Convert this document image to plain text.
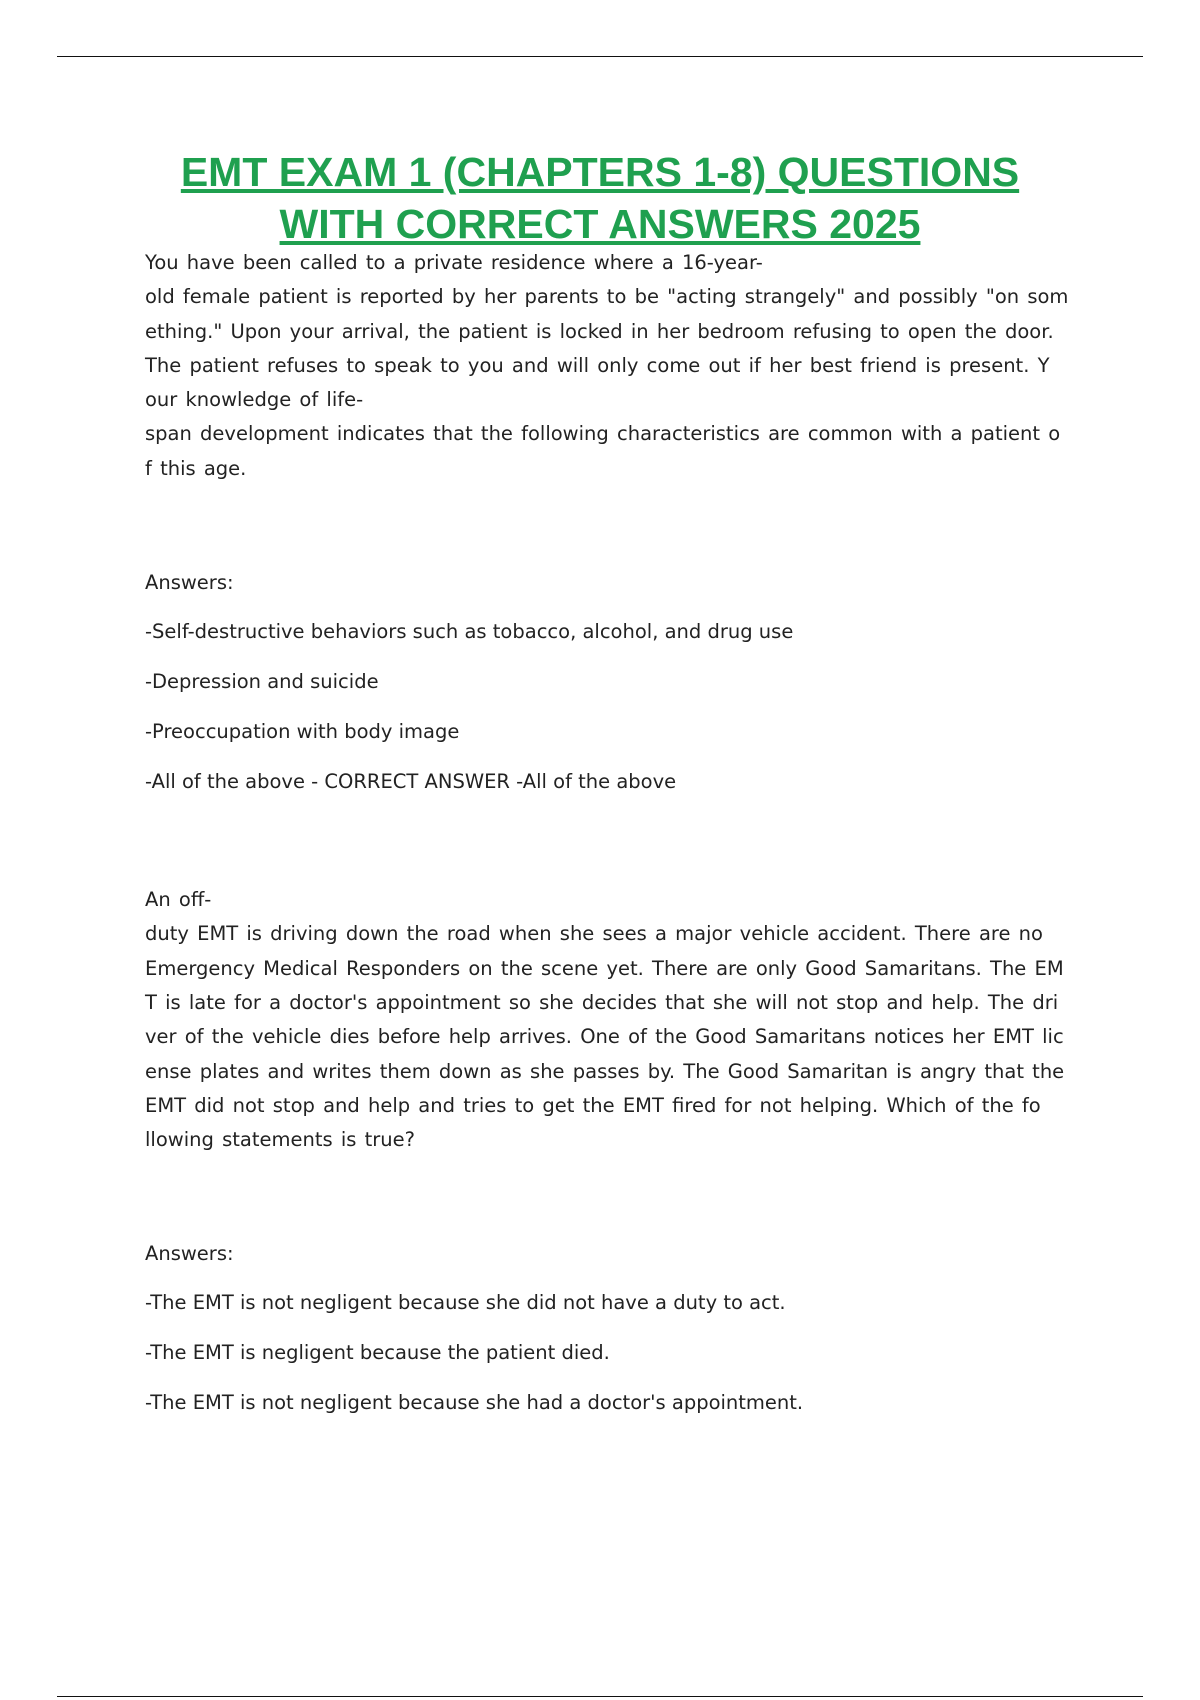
EMT EXAM 1 (CHAPTERS 1-8) QUESTIONS
WITH CORRECT ANSWERS 2025
You have been called to a private residence where a 16-year-
old female patient is reported by her parents to be "acting strangely" and possibly "on som
ething." Upon your arrival, the patient is locked in her bedroom refusing to open the door.
The patient refuses to speak to you and will only come out if her best friend is present. Y
our knowledge of life-
span development indicates that the following characteristics are common with a patient o
f this age.

Answers:

-Self-destructive behaviors such as tobacco, alcohol, and drug use

-Depression and suicide

-Preoccupation with body image

-All of the above - CORRECT ANSWER -All of the above

An off-
duty EMT is driving down the road when she sees a major vehicle accident. There are no
Emergency Medical Responders on the scene yet. There are only Good Samaritans. The EM
T is late for a doctor's appointment so she decides that she will not stop and help. The dri
ver of the vehicle dies before help arrives. One of the Good Samaritans notices her EMT lic
ense plates and writes them down as she passes by. The Good Samaritan is angry that the
EMT did not stop and help and tries to get the EMT fired for not helping. Which of the fo
llowing statements is true?

Answers:

-The EMT is not negligent because she did not have a duty to act.

-The EMT is negligent because the patient died.

-The EMT is not negligent because she had a doctor's appointment.
